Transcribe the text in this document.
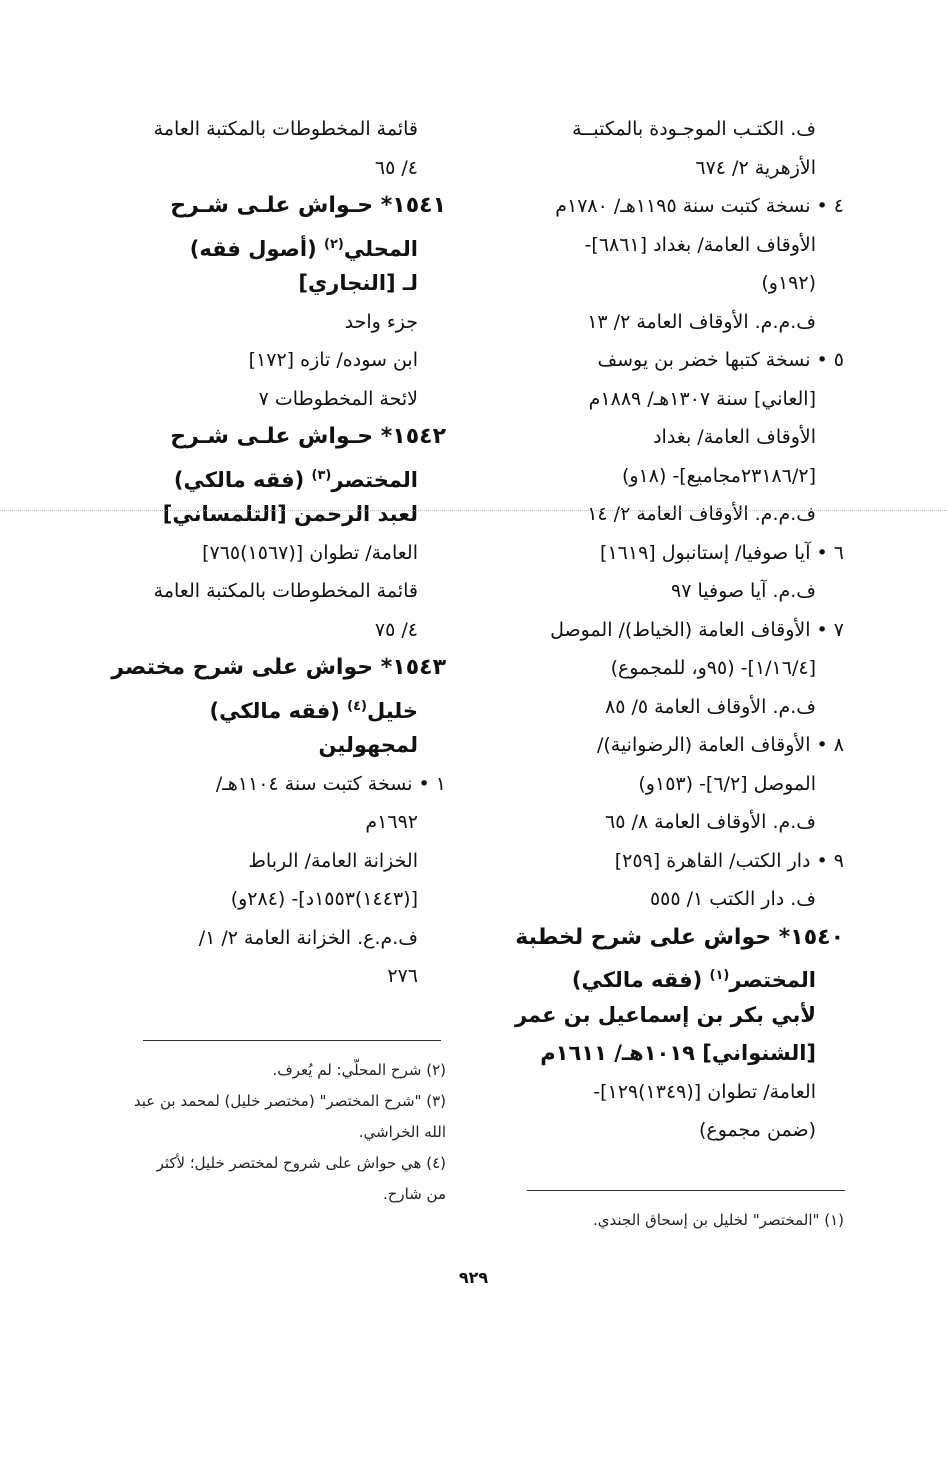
ف. الكتـب الموجـودة بالمكتبــة
الأزهرية ٢/ ٦٧٤
٤ • نسخة كتبت سنة ١١٩٥هـ/ ١٧٨٠م
الأوقاف العامة/ بغداد [٦٨٦١]-
(١٩٢و)
ف.م.م. الأوقاف العامة ٢/ ١٣
٥ • نسخة كتبها خضر بن يوسف
[العاني] سنة ١٣٠٧هـ/ ١٨٨٩م
الأوقاف العامة/ بغداد
[٢٣١٨٦/٢مجاميع]- (١٨و)
ف.م.م. الأوقاف العامة ٢/ ١٤
٦ • آيا صوفيا/ إستانبول [١٦١٩]
ف.م. آيا صوفيا ٩٧
٧ • الأوقاف العامة (الخياط)/ الموصل
[١/١٦/٤]- (٩٥و، للمجموع)
ف.م. الأوقاف العامة ٥/ ٨٥
٨ • الأوقاف العامة (الرضوانية)/
الموصل [٦/٢]- (١٥٣و)
ف.م. الأوقاف العامة ٨/ ٦٥
٩ • دار الكتب/ القاهرة [٢٥٩]
ف. دار الكتب ١/ ٥٥٥
١٥٤٠* حواش على شرح لخطبة
المختصر$^{(١)}$ (فقه مالكي)
لأبي بكر بن إسماعيل بن عمر
[الشنواني] ١٠١٩هـ/ ١٦١١م
العامة/ تطوان [(١٣٤٩)١٢٩]-
(ضمن مجموع)
قائمة المخطوطات بالمكتبة العامة
٤/ ٦٥
١٥٤١* حـواش علـى شـرح
المحلي$^{(٢)}$ (أصول فقه)
لـ [النجاري]
جزء واحد
ابن سوده/ تازه [١٧٢]
لائحة المخطوطات ٧
١٥٤٢* حـواش علـى شـرح
المختصر$^{(٣)}$ (فقه مالكي)
لعبد الرحمن [التلمساني]
العامة/ تطوان [(١٥٦٧)٧٦٥]
قائمة المخطوطات بالمكتبة العامة
٤/ ٧٥
١٥٤٣* حواش على شرح مختصر
خليل$^{(٤)}$ (فقه مالكي)
لمجهولين
١ • نسخة كتبت سنة ١١٠٤هـ/
١٦٩٢م
الخزانة العامة/ الرباط
[(١٤٤٣)١٥٥٣د]- (٢٨٤و)
ف.م.ع. الخزانة العامة ٢/ ١/
٢٧٦
(٢) شرح المحلّي: لم يُعرف.
(٣) "شرح المختصر" (مختصر خليل) لمحمد بن عبد
الله الخراشي.
(٤) هي حواش على شروح لمختصر خليل؛ لأكثر
من شارح.
(١) "المختصر" لخليل بن إسحاق الجندي.
٩٢٩
